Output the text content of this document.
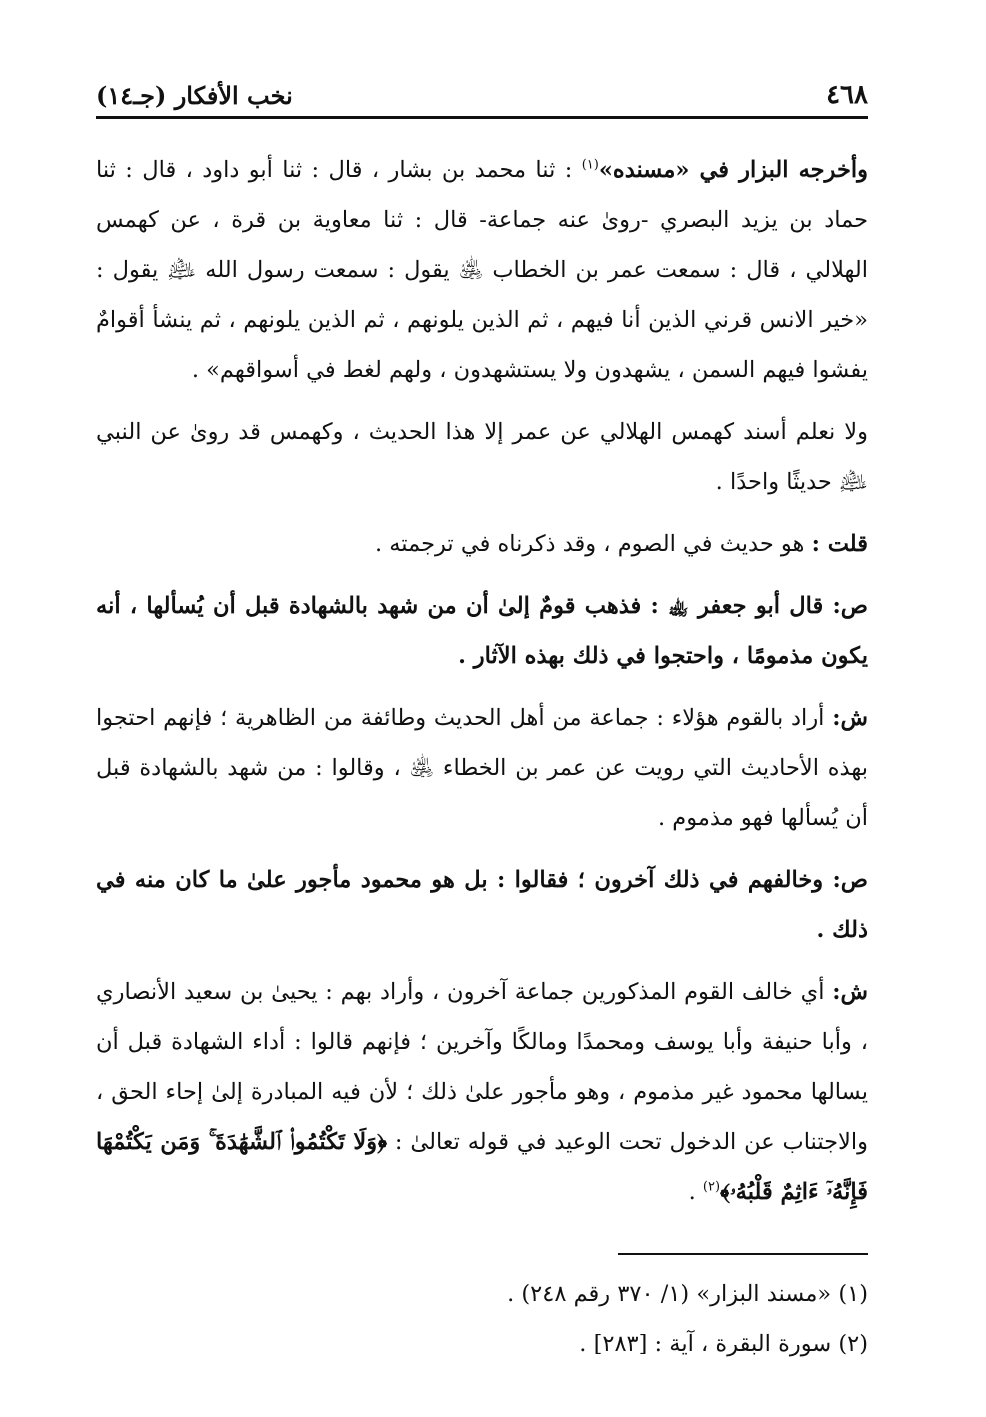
٤٦٨
نخب الأفكار (جـ١٤)

وأخرجه البزار في «مسنده»$^{(١)}$ : ثنا محمد بن بشار ، قال : ثنا أبو داود ، قال : ثنا حماد بن يزيد البصري -روىٰ عنه جماعة- قال : ثنا معاوية بن قرة ، عن كهمس الهلالي ، قال : سمعت عمر بن الخطاب ﵁ يقول : سمعت رسول الله ﵇ يقول : «خير الانس قرني الذين أنا فيهم ، ثم الذين يلونهم ، ثم الذين يلونهم ، ثم ينشأ أقوامٌ يفشوا فيهم السمن ، يشهدون ولا يستشهدون ، ولهم لغط في أسواقهم» .

ولا نعلم أسند كهمس الهلالي عن عمر إلا هذا الحديث ، وكهمس قد روىٰ عن النبي ﵇ حديثًا واحدًا .

قلت : هو حديث في الصوم ، وقد ذكرناه في ترجمته .

ص: قال أبو جعفر ﵀ : فذهب قومٌ إلىٰ أن من شهد بالشهادة قبل أن يُسألها ، أنه يكون مذمومًا ، واحتجوا في ذلك بهذه الآثار .

ش: أراد بالقوم هؤلاء : جماعة من أهل الحديث وطائفة من الظاهرية ؛ فإنهم احتجوا بهذه الأحاديث التي رويت عن عمر بن الخطاء ﵁ ، وقالوا : من شهد بالشهادة قبل أن يُسألها فهو مذموم .

ص: وخالفهم في ذلك آخرون ؛ فقالوا : بل هو محمود مأجور علىٰ ما كان منه في ذلك .

ش: أي خالف القوم المذكورين جماعة آخرون ، وأراد بهم : يحيىٰ بن سعيد الأنصاري ، وأبا حنيفة وأبا يوسف ومحمدًا ومالكًا وآخرين ؛ فإنهم قالوا : أداء الشهادة قبل أن يسالها محمود غير مذموم ، وهو مأجور علىٰ ذلك ؛ لأن فيه المبادرة إلىٰ إحاء الحق ، والاجتناب عن الدخول تحت الوعيد في قوله تعالىٰ : ﴿وَلَا تَكْتُمُوا۟ ٱلشَّهَٰدَةَ ۚ وَمَن يَكْتُمْهَا فَإِنَّهُۥٓ ءَاثِمٌ قَلْبُهُۥ﴾$^{(٢)}$ .

(١) «مسند البزار» (١/ ٣٧٠ رقم ٢٤٨) .

(٢) سورة البقرة ، آية : [٢٨٣] .
